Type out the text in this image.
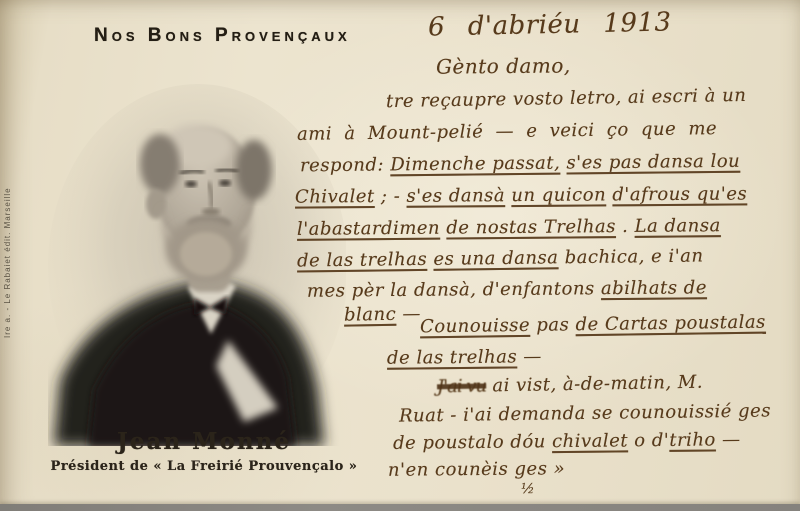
Nos Bons Provençaux
Ire a. - Le Rabaiet édit. Marseille
Jean Monné
Président de « La Freirié Prouvençalo »
6 d'abriéu 1913
Gènto damo,
tre reçaupre vosto letro, ai escri à un
ami à Mount-pelié — e veici ço que me
respond: Dimenche passat, s'es pas dansa lou
Chivalet ; - s'es dansà un quicon d'afrous qu'es
l'abastardimen de nostas Trelhas . La dansa
de las trelhas es una dansa bachica, e i'an
mes pèr la dansà, d'enfantons abilhats de
blanc —
Counouisse pas de Cartas poustalas
de las trelhas —
J'ai vu ai vist, à-de-matin, M.
Ruat - i'ai demanda se counouissié ges
de poustalo dóu chivalet o d'triho —
n'en counèis ges »
½
